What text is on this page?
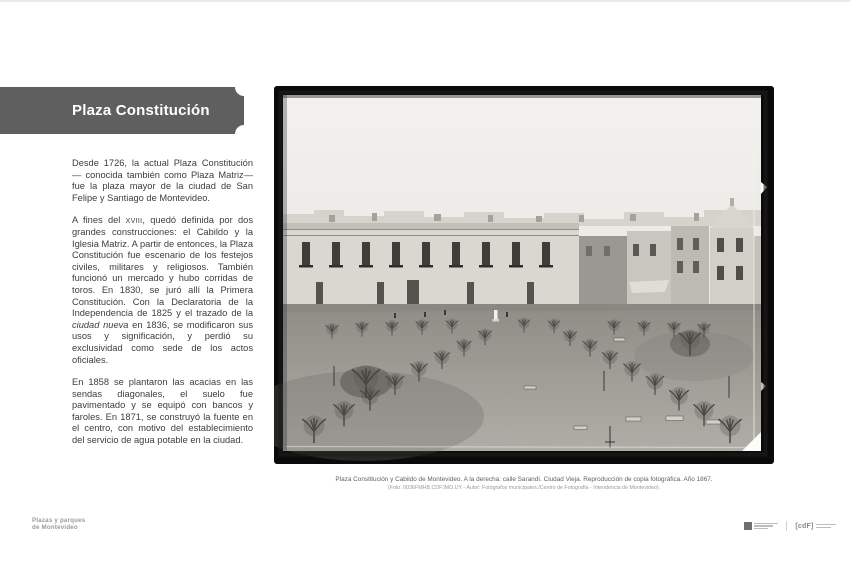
Plaza Constitución

Desde 1726, la actual Plaza Constitución — conocida también como Plaza Matriz— fue la plaza mayor de la ciudad de San Felipe y Santiago de Montevideo.

A fines del xviii, quedó definida por dos grandes construcciones: el Cabildo y la Iglesia Matriz. A partir de entonces, la Plaza Constitución fue escenario de los festejos civiles, militares y religiosos. También funcionó un mercado y hubo corridas de toros. En 1830, se juró allí la Primera Constitución. Con la Declaratoria de la Independencia de 1825 y el trazado de la ciudad nueva en 1836, se modificaron sus usos y significación, y perdió su exclusividad como sede de los actos oficiales.

En 1858 se plantaron las acacias en las sendas diagonales, el suelo fue pavimentado y se equipó con bancos y faroles. En 1871, se construyó la fuente en el centro, con motivo del establecimiento del servicio de agua potable en la ciudad.

Plaza Constitución y Cabildo de Montevideo. A la derecha: calle Sarandí. Ciudad Vieja. Reproducción de copia fotográfica. Año 1867.
(Foto: 0036FMHB.CDF.IMO.UY - Autor: Fotógrafos municipales./Centro de Fotografía - Intendencia de Montevideo).
Plazas y parques
de Montevideo	[cdF]
